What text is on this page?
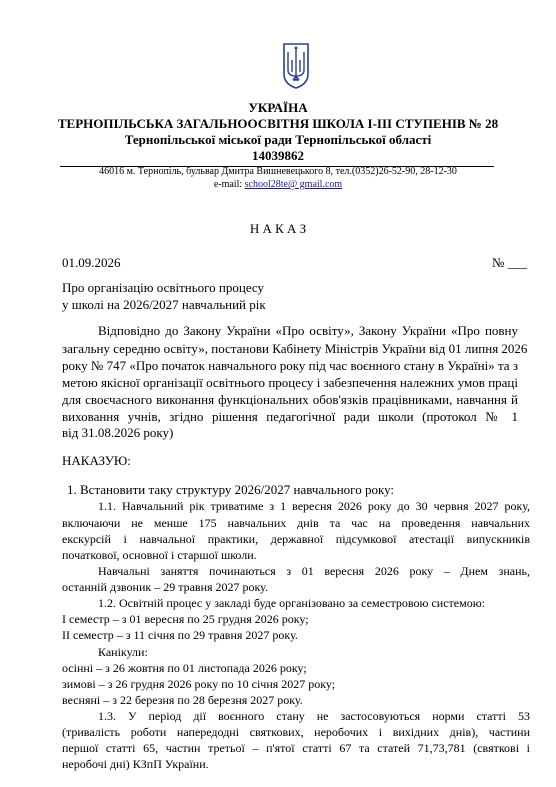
УКРАЇНА
ТЕРНОПІЛЬСЬКА ЗАГАЛЬНООСВІТНЯ ШКОЛА І-ІІІ СТУПЕНІВ № 28
Тернопільської міської ради Тернопільської області
14039862
46016 м. Тернопіль, бульвар Дмитра Вишневецького 8, тел.(0352)26-52-90, 28-12-30
e-mail: school28te@ gmail.com
Н А К А З
01.09.2026	№ ___
Про організацію освітнього процесу
у школі на 2026/2027 навчальний рік
Відповідно до Закону України «Про освіту», Закону України «Про повну
загальну середню освіту», постанови Кабінету Міністрів України від 01 липня 2026
року № 747 «Про початок навчального року під час воєнного стану в Україні» та з
метою якісної організації освітнього процесу і забезпечення належних умов праці
для своєчасного виконання функціональних обов'язків працівниками, навчання й
виховання учнів, згідно рішення педагогічної ради школи (протокол № 1
від 31.08.2026 року)
НАКАЗУЮ:
1. Встановити таку структуру 2026/2027 навчального року:
1.1. Навчальний рік триватиме з 1 вересня 2026 року до 30 червня 2027 року,
включаючи не менше 175 навчальних днів та час на проведення навчальних
екскурсій і навчальної практики, державної підсумкової атестації випускників
початкової, основної і старшої школи.
Навчальні заняття починаються з 01 вересня 2026 року – Днем знань,
останній дзвоник – 29 травня 2027 року.
1.2. Освітній процес у закладі буде організовано за семестровою системою:
І семестр – з 01 вересня по 25 грудня 2026 року;
ІІ семестр – з 11 січня по 29 травня 2027 року.
Канікули:
осінні – з 26 жовтня по 01 листопада 2026 року;
зимові – з 26 грудня 2026 року по 10 січня 2027 року;
весняні – з 22 березня по 28 березня 2027 року.
1.3. У період дії воєнного стану не застосовуються норми статті 53
(тривалість роботи напередодні святкових, неробочих і вихідних днів), частини
першої статті 65, частин третьої – п'ятої статті 67 та статей 71,73,781 (святкові і
неробочі дні) КЗпП України.
